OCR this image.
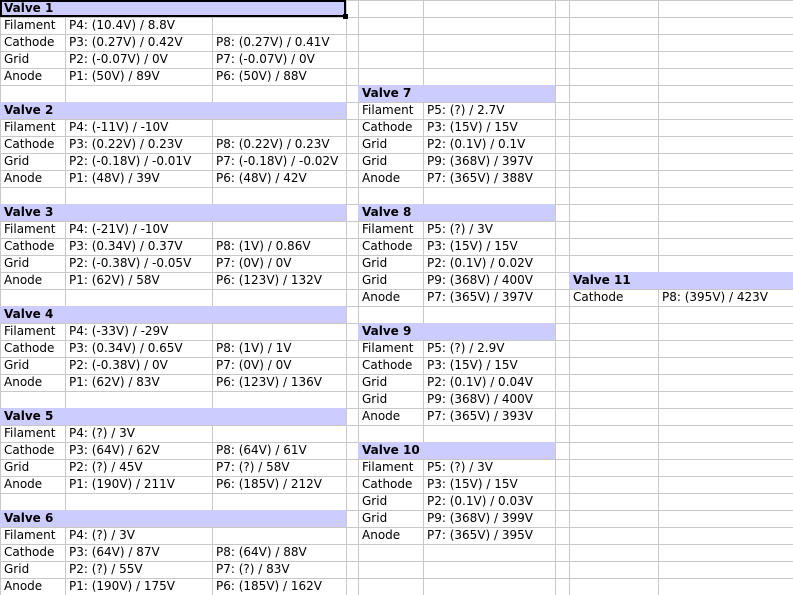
Valve 1
Filament	P4: (10.4V) / 8.8V
Cathode	P3: (0.27V) / 0.42V	P8: (0.27V) / 0.41V
Grid	P2: (-0.07V) / 0V	P7: (-0.07V) / 0V
Anode	P1: (50V) / 89V	P6: (50V) / 88V
Valve 2
Filament	P4: (-11V) / -10V
Cathode	P3: (0.22V) / 0.23V	P8: (0.22V) / 0.23V
Grid	P2: (-0.18V) / -0.01V	P7: (-0.18V) / -0.02V
Anode	P1: (48V) / 39V	P6: (48V) / 42V
Valve 3
Filament	P4: (-21V) / -10V
Cathode	P3: (0.34V) / 0.37V	P8: (1V) / 0.86V
Grid	P2: (-0.38V) / -0.05V	P7: (0V) / 0V
Anode	P1: (62V) / 58V	P6: (123V) / 132V
Valve 4
Filament	P4: (-33V) / -29V
Cathode	P3: (0.34V) / 0.65V	P8: (1V) / 1V
Grid	P2: (-0.38V) / 0V	P7: (0V) / 0V
Anode	P1: (62V) / 83V	P6: (123V) / 136V
Valve 5
Filament	P4: (?) / 3V
Cathode	P3: (64V) / 62V	P8: (64V) / 61V
Grid	P2: (?) / 45V	P7: (?) / 58V
Anode	P1: (190V) / 211V	P6: (185V) / 212V
Valve 6
Filament	P4: (?) / 3V
Cathode	P3: (64V) / 87V	P8: (64V) / 88V
Grid	P2: (?) / 55V	P7: (?) / 83V
Anode	P1: (190V) / 175V	P6: (185V) / 162V
Valve 7
Filament	P5: (?) / 2.7V
Cathode	P3: (15V) / 15V
Grid	P2: (0.1V) / 0.1V
Grid	P9: (368V) / 397V
Anode	P7: (365V) / 388V
Valve 8
Filament	P5: (?) / 3V
Cathode	P3: (15V) / 15V
Grid	P2: (0.1V) / 0.02V
Grid	P9: (368V) / 400V
Anode	P7: (365V) / 397V
Valve 9
Filament	P5: (?) / 2.9V
Cathode	P3: (15V) / 15V
Grid	P2: (0.1V) / 0.04V
Grid	P9: (368V) / 400V
Anode	P7: (365V) / 393V
Valve 10
Filament	P5: (?) / 3V
Cathode	P3: (15V) / 15V
Grid	P2: (0.1V) / 0.03V
Grid	P9: (368V) / 399V
Anode	P7: (365V) / 395V
Valve 11
Cathode	P8: (395V) / 423V
